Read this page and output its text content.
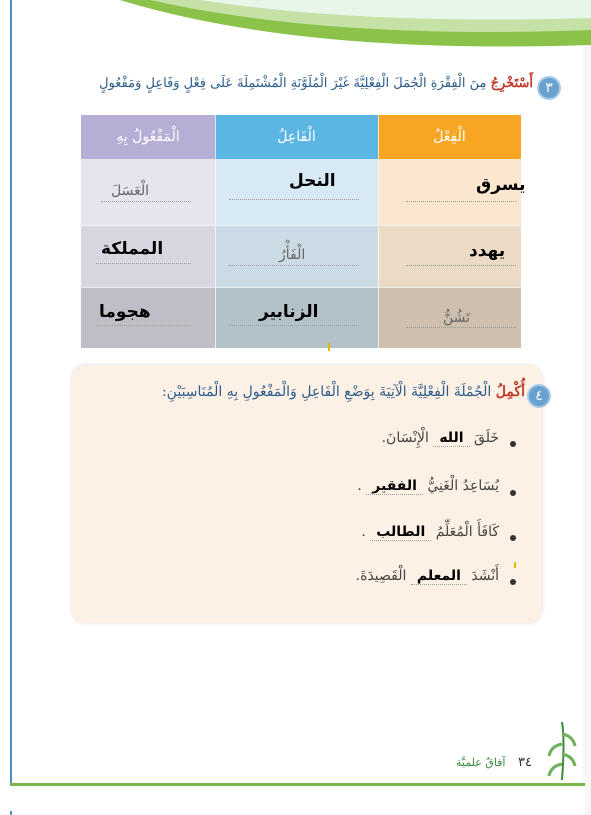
٣
أَسْتَخْرِجُ مِنَ الْفِقْرَةِ الْجُمَلَ الْفِعْلِيَّةَ غَيْرَ الْمُلَوَّنَةِ الْمُشْتَمِلَةَ عَلَى فِعْلٍ وَفَاعِلٍ وَمَفْعُولٍ
الْمَفْعُولُ بِهِ	الْفَاعِلُ	الْفِعْلُ
الْعَسَلَ	النحل	يسرق
المملكة	الْفَأْرُ	يهدد
هجوما	الزنابير	تَشُنُّ
٤
أُكْمِلُ الْجُمْلَةَ الْفِعْلِيَّةَ الْآتِيَةَ بِوَضْعِ الْفَاعِلِ وَالْمَفْعُولِ بِهِ الْمُنَاسِبَيْنِ:
خَلَقَ الله الْإِنْسَانَ.
يُسَاعِدُ الْغَنِيُّ الفقير .
كَافَأَ الْمُعَلِّمُ الطالب .
أَنْشَدَ المعلم الْقَصِيدَةَ.
٣٤
آفاقٌ علميَّة
